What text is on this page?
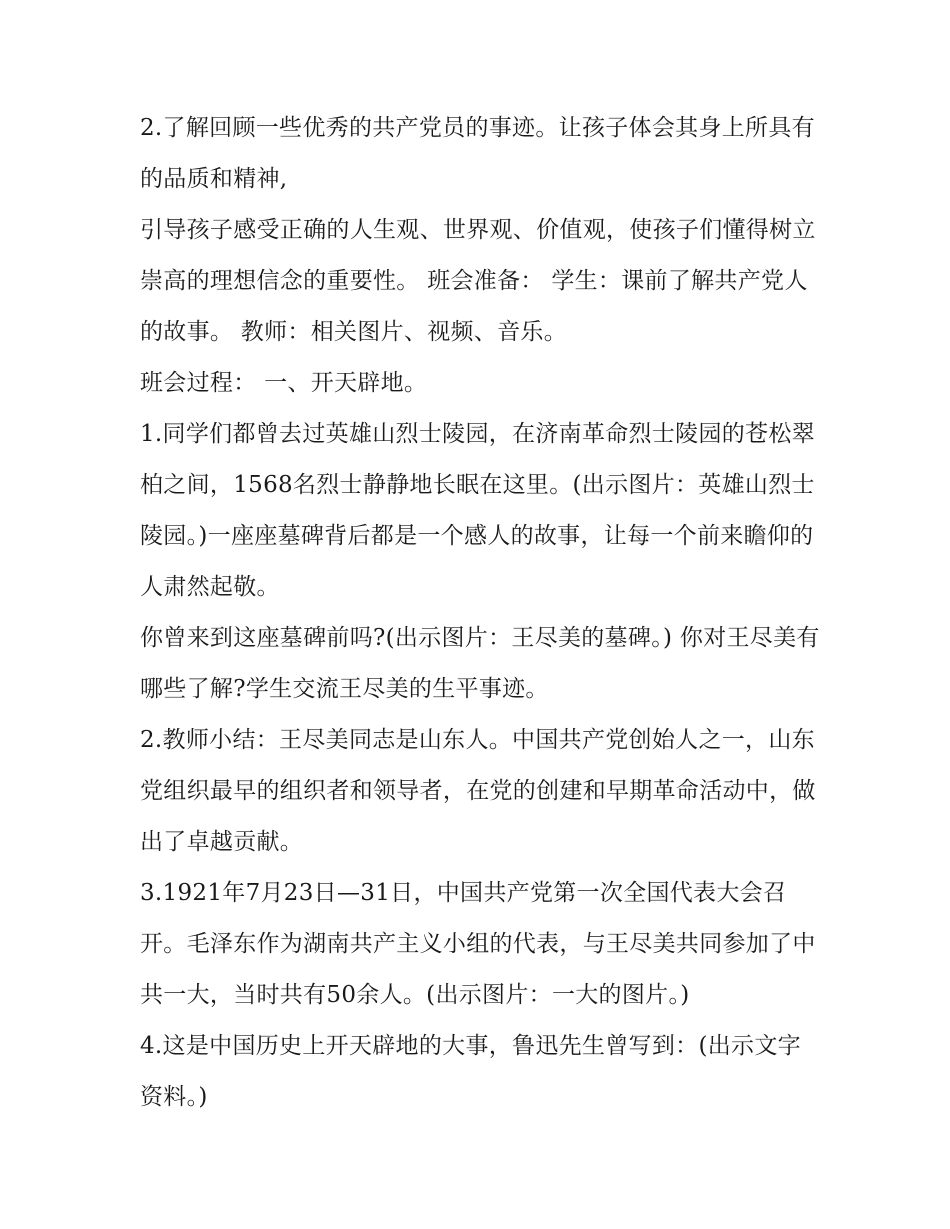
2.了解回顾一些优秀的共产党员的事迹。让孩子体会其身上所具有的品质和精神,

引导孩子感受正确的人生观、世界观、价值观，使孩子们懂得树立崇高的理想信念的重要性。 班会准备： 学生：课前了解共产党人的故事。 教师：相关图片、视频、音乐。

班会过程： 一、开天辟地。

1.同学们都曾去过英雄山烈士陵园，在济南革命烈士陵园的苍松翠柏之间，1568名烈士静静地长眠在这里。(出示图片：英雄山烈士陵园。)一座座墓碑背后都是一个感人的故事，让每一个前来瞻仰的人肃然起敬。

你曾来到这座墓碑前吗?(出示图片：王尽美的墓碑。) 你对王尽美有哪些了解?学生交流王尽美的生平事迹。

2.教师小结：王尽美同志是山东人。中国共产党创始人之一，山东党组织最早的组织者和领导者，在党的创建和早期革命活动中，做出了卓越贡献。

3.1921年7月23日—31日，中国共产党第一次全国代表大会召开。毛泽东作为湖南共产主义小组的代表，与王尽美共同参加了中共一大，当时共有50余人。(出示图片：一大的图片。)

4.这是中国历史上开天辟地的大事，鲁迅先生曾写到：(出示文字资料。)
